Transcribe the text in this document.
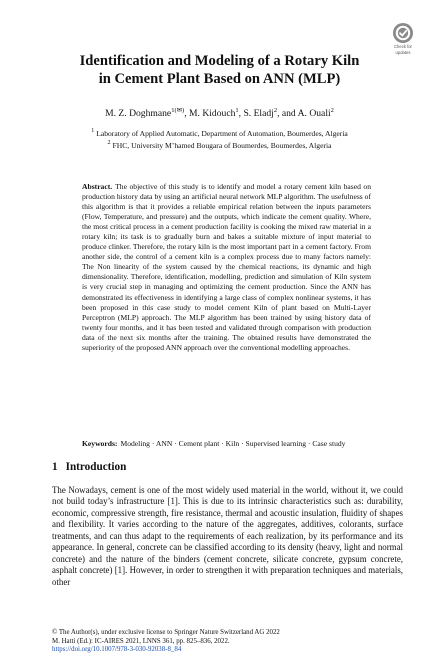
Check for
updates
Identification and Modeling of a Rotary Kiln
in Cement Plant Based on ANN (MLP)

M. Z. Doghmane$^{1(✉)}$, M. Kidouch$^1$, S. Eladj$^2$, and A. Ouali$^2$

$^1$ Laboratory of Applied Automatic, Department of Automation, Boumerdes, Algeria
$^2$ FHC, University M’hamed Bougara of Boumerdes, Boumerdes, Algeria

Abstract. The objective of this study is to identify and model a rotary cement kiln based on production history data by using an artificial neural network MLP algorithm. The usefulness of this algorithm is that it provides a reliable empirical relation between the inputs parameters (Flow, Temperature, and pressure) and the outputs, which indicate the cement quality. Where, the most critical process in a cement production facility is cooking the mixed raw material in a rotary kiln; its task is to gradually burn and bakes a suitable mixture of input material to produce clinker. Therefore, the rotary kiln is the most important part in a cement factory. From another side, the control of a cement kiln is a complex process due to many factors namely: The Non linearity of the system caused by the chemical reactions, its dynamic and high dimensionality. Therefore, identification, modelling, prediction and simulation of Kiln system is very crucial step in managing and optimizing the cement production. Since the ANN has demonstrated its effectiveness in identifying a large class of complex nonlinear systems, it has been proposed in this case study to model cement Kiln of plant based on Multi-Layer Perceptron (MLP) approach. The MLP algorithm has been trained by using history data of twenty four months, and it has been tested and validated through comparison with production data of the next six months after the training. The obtained results have demonstrated the superiority of the proposed ANN approach over the conventional modelling approaches.

Keywords: Modeling · ANN · Cement plant · Kiln · Supervised learning · Case study

1 Introduction

The Nowadays, cement is one of the most widely used material in the world, without it, we could not build today’s infrastructure [1]. This is due to its intrinsic characteristics such as: durability, economic, compressive strength, fire resistance, thermal and acoustic insulation, fluidity of shapes and flexibility. It varies according to the nature of the aggregates, additives, colorants, surface treatments, and can thus adapt to the requirements of each realization, by its performance and its appearance. In general, concrete can be classified according to its density (heavy, light and normal concrete) and the nature of the binders (cement concrete, silicate concrete, gypsum concrete, asphalt concrete) [1]. However, in order to strengthen it with preparation techniques and materials, other

© The Author(s), under exclusive license to Springer Nature Switzerland AG 2022
M. Hatti (Ed.): IC-AIRES 2021, LNNS 361, pp. 825–836, 2022.
https://doi.org/10.1007/978-3-030-92038-8_84
